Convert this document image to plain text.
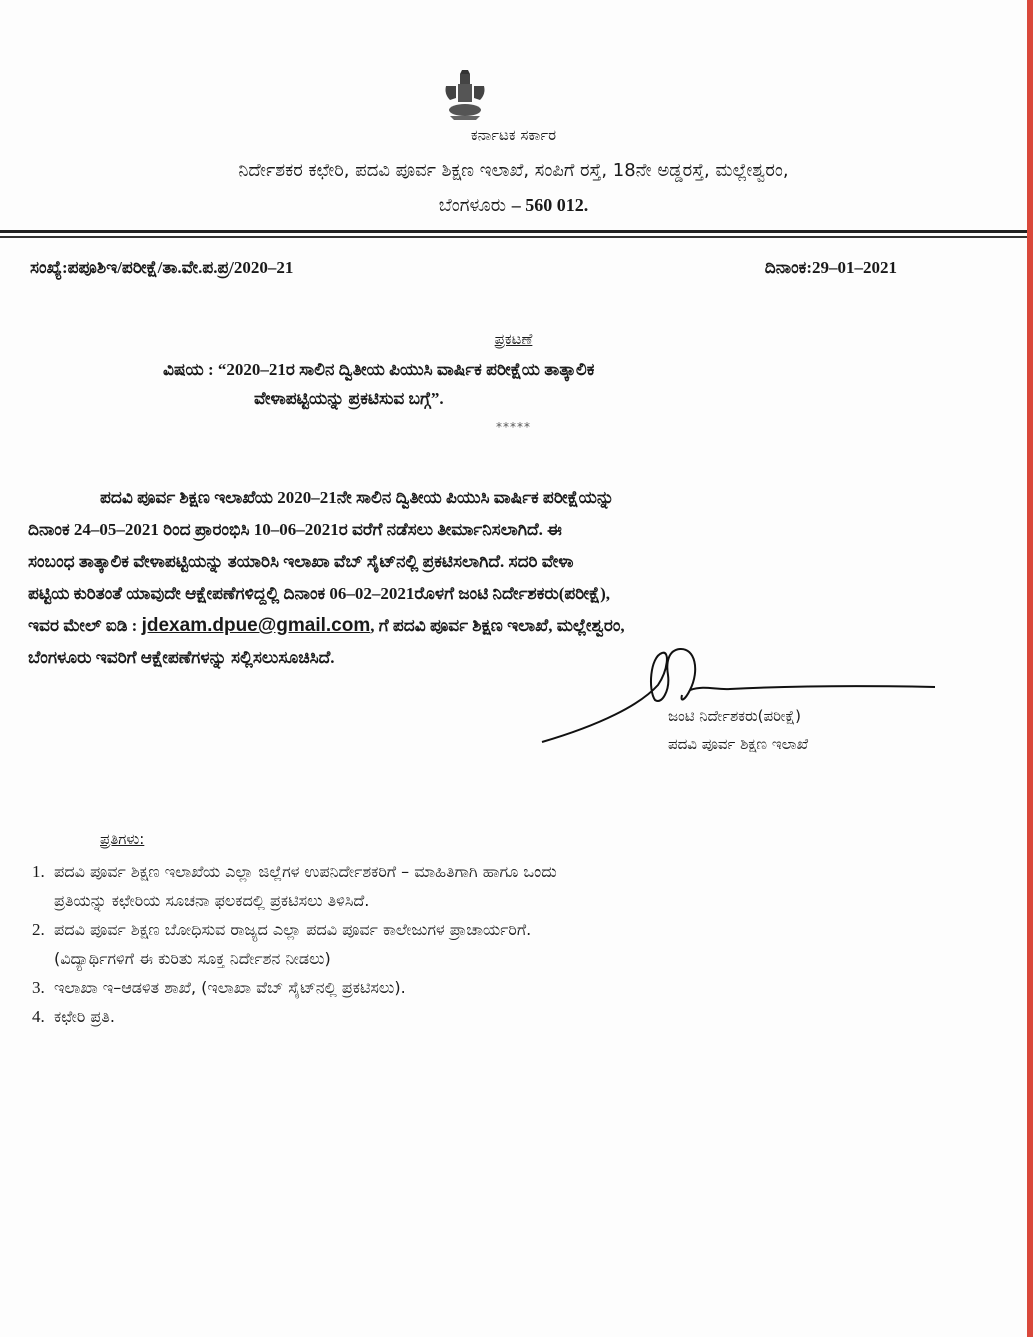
ಕರ್ನಾಟಕ ಸರ್ಕಾರ
ನಿರ್ದೇಶಕರ ಕಛೇರಿ, ಪದವಿ ಪೂರ್ವ ಶಿಕ್ಷಣ ಇಲಾಖೆ, ಸಂಪಿಗೆ ರಸ್ತೆ, 18ನೇ ಅಡ್ಡರಸ್ತೆ, ಮಲ್ಲೇಶ್ವರಂ,
ಬೆಂಗಳೂರು – 560 012.
ಸಂಖ್ಯೆ:ಪಪೂಶಿಇ/ಪರೀಕ್ಷೆ/ತಾ.ವೇ.ಪ.ಪ್ರ/2020–21	ದಿನಾಂಕ:29–01–2021
ಪ್ರಕಟಣೆ
ವಿಷಯ : “2020–21ರ ಸಾಲಿನ ದ್ವಿತೀಯ ಪಿಯುಸಿ ವಾರ್ಷಿಕ ಪರೀಕ್ಷೆಯ ತಾತ್ಕಾಲಿಕ
ವೇಳಾಪಟ್ಟಿಯನ್ನು ಪ್ರಕಟಿಸುವ ಬಗ್ಗೆ”.
*****
ಪದವಿ ಪೂರ್ವ ಶಿಕ್ಷಣ ಇಲಾಖೆಯ 2020–21ನೇ ಸಾಲಿನ ದ್ವಿತೀಯ ಪಿಯುಸಿ ವಾರ್ಷಿಕ ಪರೀಕ್ಷೆಯನ್ನು
ದಿನಾಂಕ 24–05–2021 ರಿಂದ ಪ್ರಾರಂಭಿಸಿ 10–06–2021ರ ವರೆಗೆ ನಡೆಸಲು ತೀರ್ಮಾನಿಸಲಾಗಿದೆ. ಈ
ಸಂಬಂಧ ತಾತ್ಕಾಲಿಕ ವೇಳಾಪಟ್ಟಿಯನ್ನು ತಯಾರಿಸಿ ಇಲಾಖಾ ವೆಬ್ ಸೈಟ್‌ನಲ್ಲಿ ಪ್ರಕಟಿಸಲಾಗಿದೆ. ಸದರಿ ವೇಳಾ
ಪಟ್ಟಿಯ ಕುರಿತಂತೆ ಯಾವುದೇ ಆಕ್ಷೇಪಣೆಗಳಿದ್ದಲ್ಲಿ ದಿನಾಂಕ 06–02–2021ರೊಳಗೆ ಜಂಟಿ ನಿರ್ದೇಶಕರು(ಪರೀಕ್ಷೆ),
ಇವರ ಮೇಲ್ ಐಡಿ : jdexam.dpue@gmail.com, ಗೆ ಪದವಿ ಪೂರ್ವ ಶಿಕ್ಷಣ ಇಲಾಖೆ, ಮಲ್ಲೇಶ್ವರಂ,
ಬೆಂಗಳೂರು ಇವರಿಗೆ ಆಕ್ಷೇಪಣೆಗಳನ್ನು ಸಲ್ಲಿಸಲುಸೂಚಿಸಿದೆ.
ಜಂಟಿ ನಿರ್ದೇಶಕರು(ಪರೀಕ್ಷೆ)
ಪದವಿ ಪೂರ್ವ ಶಿಕ್ಷಣ ಇಲಾಖೆ
ಪ್ರತಿಗಳು:
1. ಪದವಿ ಪೂರ್ವ ಶಿಕ್ಷಣ ಇಲಾಖೆಯ ಎಲ್ಲಾ ಜಿಲ್ಲೆಗಳ ಉಪನಿರ್ದೇಶಕರಿಗೆ – ಮಾಹಿತಿಗಾಗಿ ಹಾಗೂ ಒಂದು
ಪ್ರತಿಯನ್ನು ಕಛೇರಿಯ ಸೂಚನಾ ಫಲಕದಲ್ಲಿ ಪ್ರಕಟಿಸಲು ತಿಳಿಸಿದೆ.
2. ಪದವಿ ಪೂರ್ವ ಶಿಕ್ಷಣ ಬೋಧಿಸುವ ರಾಜ್ಯದ ಎಲ್ಲಾ ಪದವಿ ಪೂರ್ವ ಕಾಲೇಜುಗಳ ಪ್ರಾಚಾರ್ಯರಿಗೆ.
(ವಿದ್ಯಾರ್ಥಿಗಳಿಗೆ ಈ ಕುರಿತು ಸೂಕ್ತ ನಿರ್ದೇಶನ ನೀಡಲು)
3. ಇಲಾಖಾ ಇ–ಆಡಳಿತ ಶಾಖೆ, (ಇಲಾಖಾ ವೆಬ್ ಸೈಟ್‌ನಲ್ಲಿ ಪ್ರಕಟಿಸಲು).
4. ಕಛೇರಿ ಪ್ರತಿ.
